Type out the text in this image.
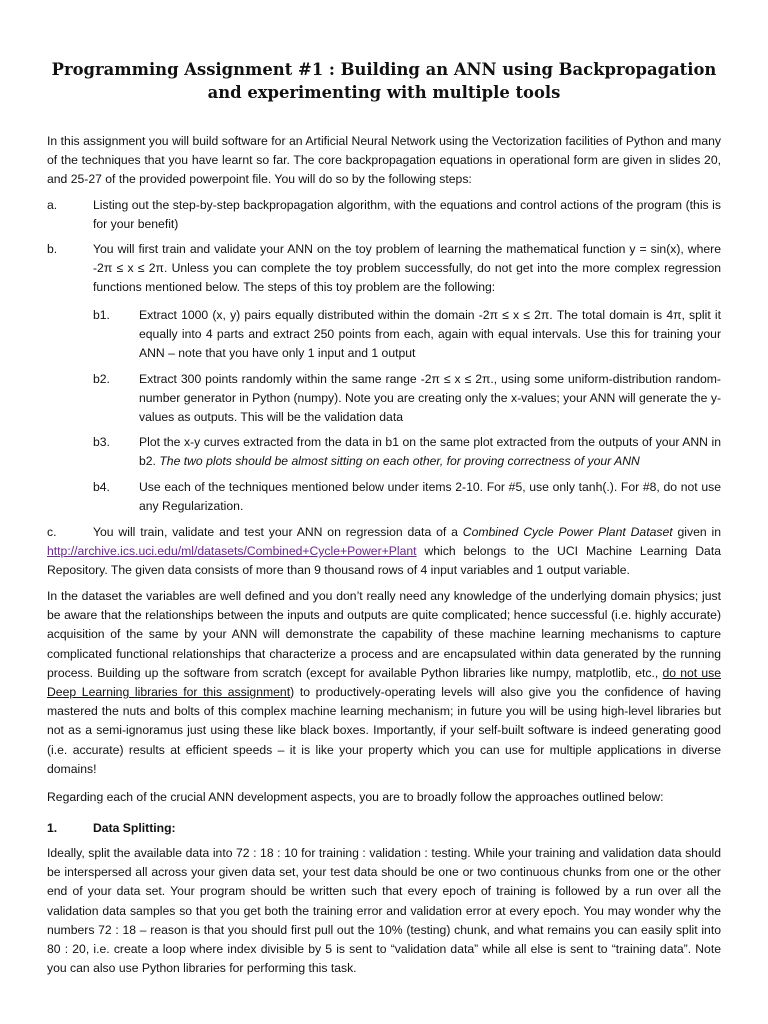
Programming Assignment #1 : Building an ANN using Backpropagation and experimenting with multiple tools
In this assignment you will build software for an Artificial Neural Network using the Vectorization facilities of Python and many of the techniques that you have learnt so far. The core backpropagation equations in operational form are given in slides 20, and 25-27 of the provided powerpoint file. You will do so by the following steps:
a.	Listing out the step-by-step backpropagation algorithm, with the equations and control actions of the program (this is for your benefit)
b.	You will first train and validate your ANN on the toy problem of learning the mathematical function y = sin(x), where -2π ≤ x ≤ 2π. Unless you can complete the toy problem successfully, do not get into the more complex regression functions mentioned below. The steps of this toy problem are the following:
b1. Extract 1000 (x, y) pairs equally distributed within the domain -2π ≤ x ≤ 2π. The total domain is 4π, split it equally into 4 parts and extract 250 points from each, again with equal intervals. Use this for training your ANN – note that you have only 1 input and 1 output
b2. Extract 300 points randomly within the same range -2π ≤ x ≤ 2π., using some uniform-distribution random-number generator in Python (numpy). Note you are creating only the x-values; your ANN will generate the y-values as outputs. This will be the validation data
b3. Plot the x-y curves extracted from the data in b1 on the same plot extracted from the outputs of your ANN in b2. The two plots should be almost sitting on each other, for proving correctness of your ANN
b4. Use each of the techniques mentioned below under items 2-10. For #5, use only tanh(.). For #8, do not use any Regularization.
c.	You will train, validate and test your ANN on regression data of a Combined Cycle Power Plant Dataset given in http://archive.ics.uci.edu/ml/datasets/Combined+Cycle+Power+Plant which belongs to the UCI Machine Learning Data Repository. The given data consists of more than 9 thousand rows of 4 input variables and 1 output variable.
In the dataset the variables are well defined and you don’t really need any knowledge of the underlying domain physics; just be aware that the relationships between the inputs and outputs are quite complicated; hence successful (i.e. highly accurate) acquisition of the same by your ANN will demonstrate the capability of these machine learning mechanisms to capture complicated functional relationships that characterize a process and are encapsulated within data generated by the running process. Building up the software from scratch (except for available Python libraries like numpy, matplotlib, etc., do not use Deep Learning libraries for this assignment) to productively-operating levels will also give you the confidence of having mastered the nuts and bolts of this complex machine learning mechanism; in future you will be using high-level libraries but not as a semi-ignoramus just using these like black boxes. Importantly, if your self-built software is indeed generating good (i.e. accurate) results at efficient speeds – it is like your property which you can use for multiple applications in diverse domains!
Regarding each of the crucial ANN development aspects, you are to broadly follow the approaches outlined below:
1.	Data Splitting:
Ideally, split the available data into 72 : 18 : 10 for training : validation : testing. While your training and validation data should be interspersed all across your given data set, your test data should be one or two continuous chunks from one or the other end of your data set. Your program should be written such that every epoch of training is followed by a run over all the validation data samples so that you get both the training error and validation error at every epoch. You may wonder why the numbers 72 : 18 – reason is that you should first pull out the 10% (testing) chunk, and what remains you can easily split into 80 : 20, i.e. create a loop where index divisible by 5 is sent to “validation data” while all else is sent to “training data”. Note you can also use Python libraries for performing this task.
